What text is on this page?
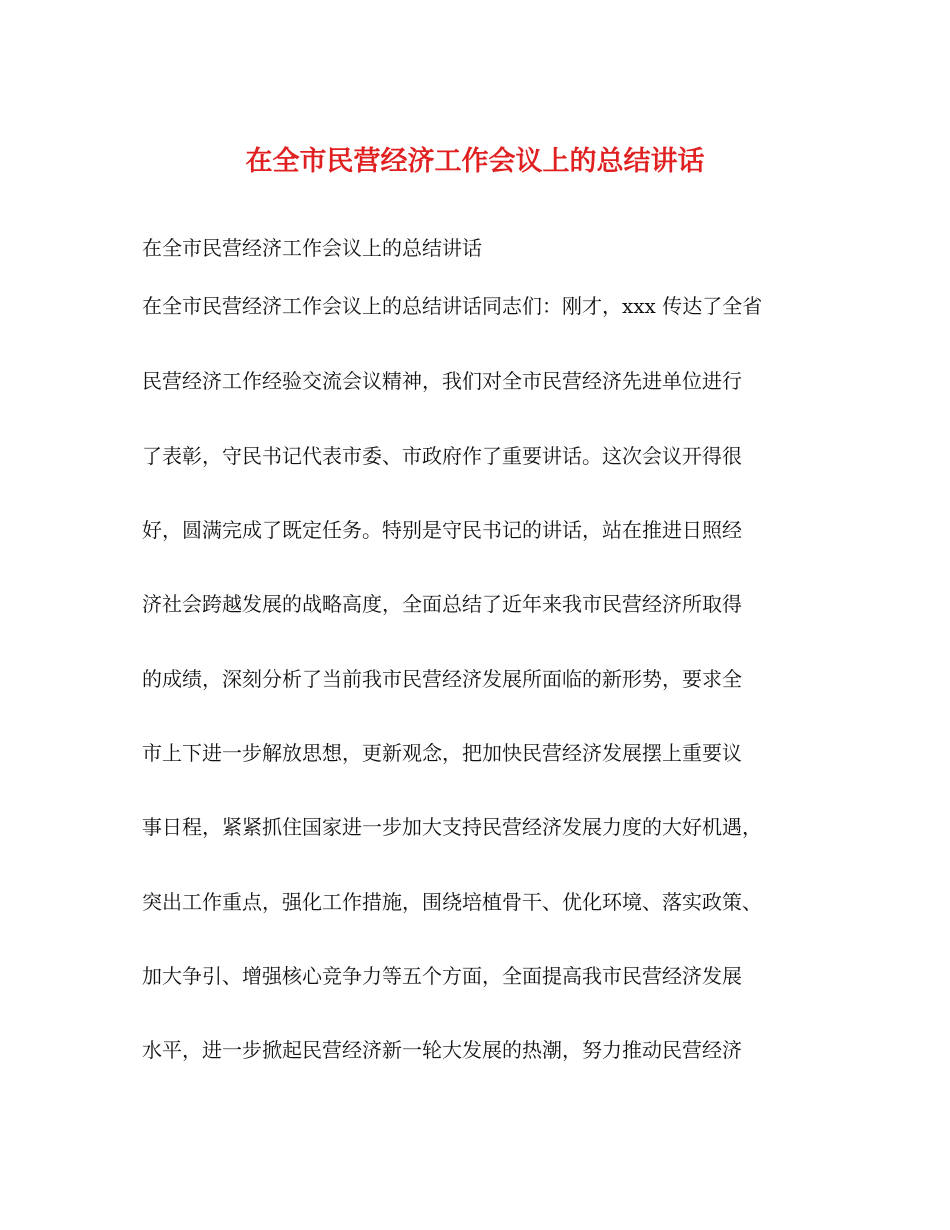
在全市民营经济工作会议上的总结讲话
在全市民营经济工作会议上的总结讲话
在全市民营经济工作会议上的总结讲话同志们：刚才，xxx 传达了全省
民营经济工作经验交流会议精神，我们对全市民营经济先进单位进行
了表彰，守民书记代表市委、市政府作了重要讲话。这次会议开得很
好，圆满完成了既定任务。特别是守民书记的讲话，站在推进日照经
济社会跨越发展的战略高度，全面总结了近年来我市民营经济所取得
的成绩，深刻分析了当前我市民营经济发展所面临的新形势，要求全
市上下进一步解放思想，更新观念，把加快民营经济发展摆上重要议
事日程，紧紧抓住国家进一步加大支持民营经济发展力度的大好机遇，
突出工作重点，强化工作措施，围绕培植骨干、优化环境、落实政策、
加大争引、增强核心竞争力等五个方面，全面提高我市民营经济发展
水平，进一步掀起民营经济新一轮大发展的热潮，努力推动民营经济
